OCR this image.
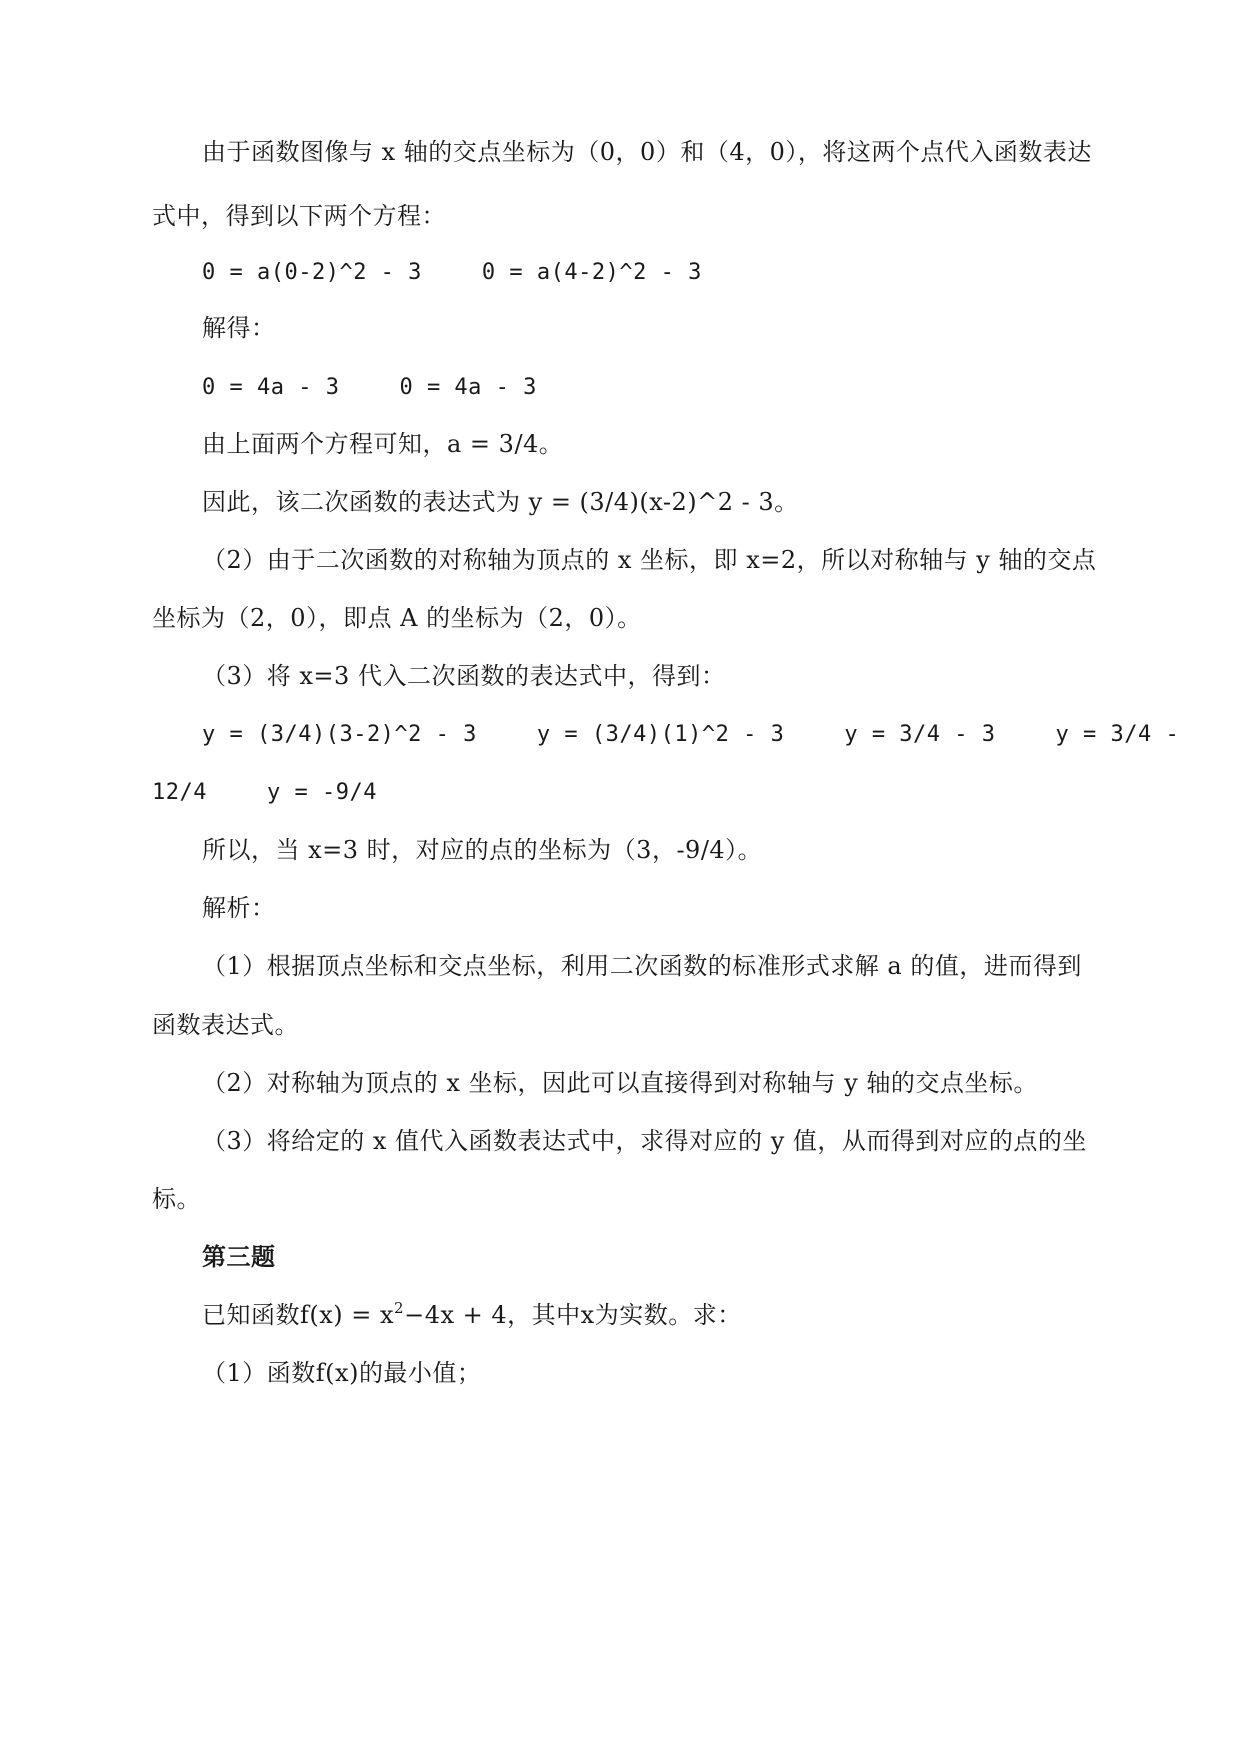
由于函数图像与 x 轴的交点坐标为（0，0）和（4，0），将这两个点代入函数表达
式中，得到以下两个方程：
0 = a(0-2)^2 - 3	0 = a(4-2)^2 - 3
解得：
0 = 4a - 3	0 = 4a - 3
由上面两个方程可知，a = 3/4。
因此，该二次函数的表达式为 y = (3/4)(x-2)^2 - 3。
（2）由于二次函数的对称轴为顶点的 x 坐标，即 x=2，所以对称轴与 y 轴的交点
坐标为（2，0），即点 A 的坐标为（2，0）。
（3）将 x=3 代入二次函数的表达式中，得到：
y = (3/4)(3-2)^2 - 3	y = (3/4)(1)^2 - 3	y = 3/4 - 3	y = 3/4 -
12/4	y = -9/4
所以，当 x=3 时，对应的点的坐标为（3，-9/4）。
解析：
（1）根据顶点坐标和交点坐标，利用二次函数的标准形式求解 a 的值，进而得到
函数表达式。
（2）对称轴为顶点的 x 坐标，因此可以直接得到对称轴与 y 轴的交点坐标。
（3）将给定的 x 值代入函数表达式中，求得对应的 y 值，从而得到对应的点的坐
标。
第三题
已知函数$f(x) = x^2-4x + 4$，其中x为实数。求：
（1）函数f(x)的最小值；
